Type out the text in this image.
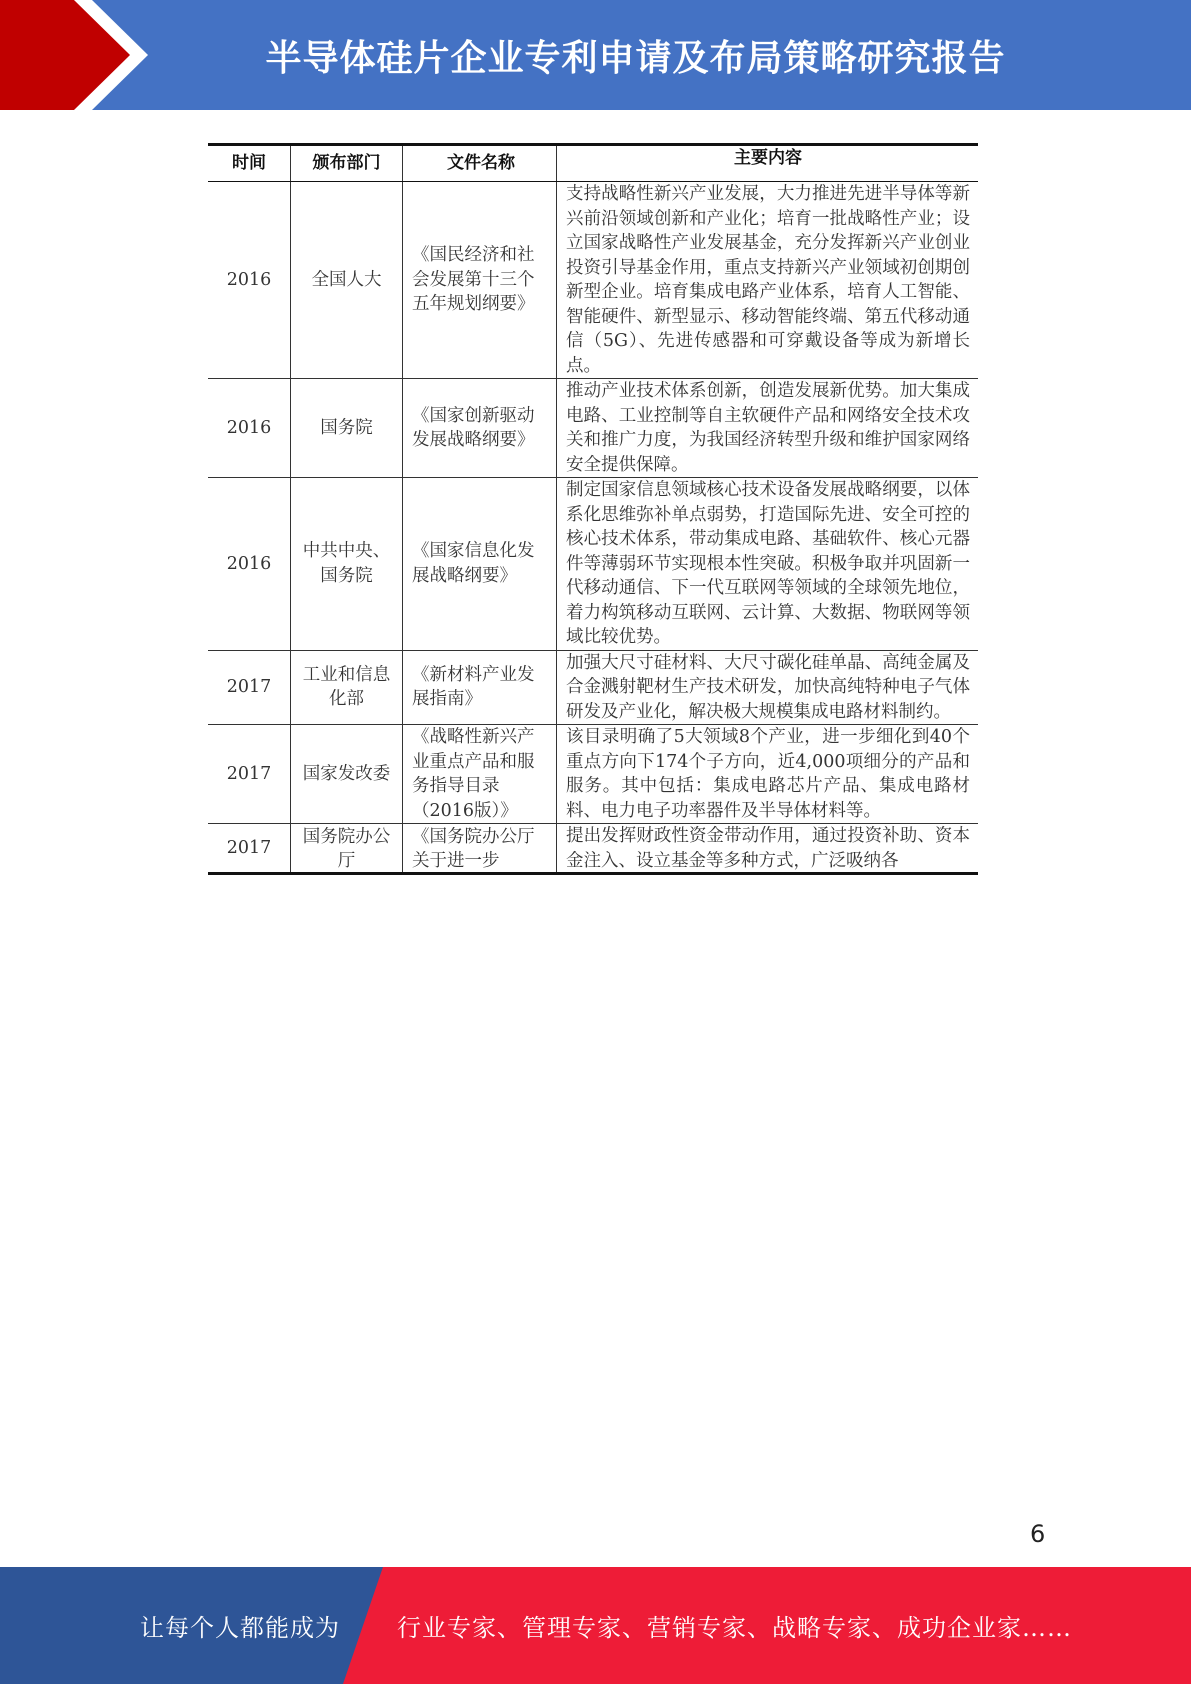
半导体硅片企业专利申请及布局策略研究报告
时间	颁布部门	文件名称	主要内容
2016	全国人大	《国民经济和社会发展第十三个五年规划纲要》	支持战略性新兴产业发展，大力推进先进半导体等新兴前沿领域创新和产业化；培育一批战略性产业；设立国家战略性产业发展基金，充分发挥新兴产业创业投资引导基金作用，重点支持新兴产业领域初创期创新型企业。培育集成电路产业体系，培育人工智能、智能硬件、新型显示、移动智能终端、第五代移动通信（5G）、先进传感器和可穿戴设备等成为新增长点。
2016	国务院	《国家创新驱动发展战略纲要》	推动产业技术体系创新，创造发展新优势。加大集成电路、工业控制等自主软硬件产品和网络安全技术攻关和推广力度，为我国经济转型升级和维护国家网络安全提供保障。
2016	中共中央、国务院	《国家信息化发展战略纲要》	制定国家信息领域核心技术设备发展战略纲要，以体系化思维弥补单点弱势，打造国际先进、安全可控的核心技术体系，带动集成电路、基础软件、核心元器件等薄弱环节实现根本性突破。积极争取并巩固新一代移动通信、下一代互联网等领域的全球领先地位，着力构筑移动互联网、云计算、大数据、物联网等领域比较优势。
2017	工业和信息化部	《新材料产业发展指南》	加强大尺寸硅材料、大尺寸碳化硅单晶、高纯金属及合金溅射靶材生产技术研发，加快高纯特种电子气体研发及产业化，解决极大规模集成电路材料制约。
2017	国家发改委	《战略性新兴产业重点产品和服务指导目录（2016版）》	该目录明确了5大领域8个产业，进一步细化到40个重点方向下174个子方向，近4,000项细分的产品和服务。其中包括：集成电路芯片产品、集成电路材料、电力电子功率器件及半导体材料等。
2017	国务院办公厅	《国务院办公厅关于进一步	提出发挥财政性资金带动作用，通过投资补助、资本金注入、设立基金等多种方式，广泛吸纳各
6
让每个人都能成为 行业专家、管理专家、营销专家、战略专家、成功企业家……
